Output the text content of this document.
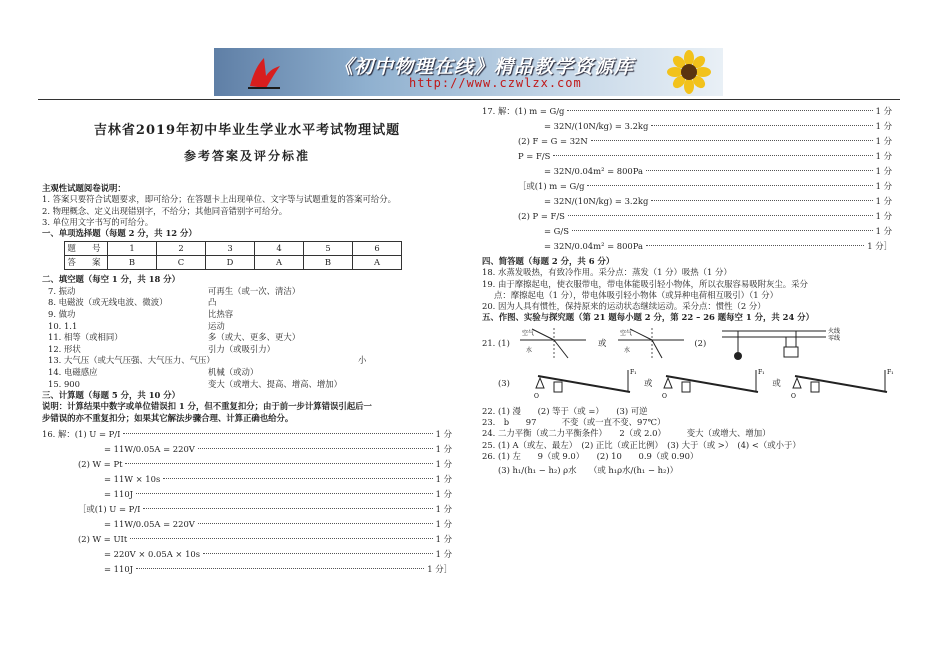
《初中物理在线》精品教学资源库
http://www.czwlzx.com
吉林省2019年初中毕业生学业水平考试物理试题
参考答案及评分标准
主观性试题阅卷说明：
1. 答案只要符合试题要求，即可给分；在答题卡上出现单位、文字等与试题重复的答案可给分。
2. 物理概念、定义出现错别字，不给分；其他同音错别字可给分。
3. 单位用文字书写的可给分。
一、单项选择题（每题 2 分，共 12 分）
题　号	1	2	3	4	5	6
答　案	B	C	D	A	B	A
二、填空题（每空 1 分，共 18 分）
7. 振动	可再生（或一次、清洁）
8. 电磁波（或无线电波、微波）	凸
9. 做功	比热容
10. 1.1	运动
11. 相等（或相同）	多（或大、更多、更大）
12. 形状	引力（或吸引力）
13. 大气压（或大气压强、大气压力、气压）	小
14. 电磁感应	机械（或动）
15. 900	变大（或增大、提高、增高、增加）
三、计算题（每题 5 分，共 10 分）
说明：计算结果中数字或单位错误扣 1 分，但不重复扣分；由于前一步计算错误引起后一
步错误的亦不重复扣分；如果其它解法步骤合理、计算正确也给分。
16. 解：(1) U = P/I	1 分
= 11W/0.05A = 220V	1 分
(2) W = Pt	1 分
= 11W × 10s	1 分
= 110J	1 分
［或(1) U = P/I	1 分
= 11W/0.05A = 220V	1 分
(2) W = UIt	1 分
= 220V × 0.05A × 10s	1 分
= 110J	1 分］
17. 解：(1) m = G/g	1 分
= 32N/(10N/kg) = 3.2kg	1 分
(2) F = G = 32N	1 分
P = F/S	1 分
= 32N/0.04m² = 800Pa	1 分
［或(1) m = G/g	1 分
= 32N/(10N/kg) = 3.2kg	1 分
(2) P = F/S	1 分
= G/S	1 分
= 32N/0.04m² = 800Pa	1 分］
四、简答题（每题 2 分，共 6 分）
18. 水蒸发吸热，有致冷作用。采分点：蒸发（1 分）吸热（1 分）
19. 由于摩擦起电，使衣服带电，带电体能吸引轻小物体，所以衣服容易吸附灰尘。采分
点：摩擦起电（1 分），带电体吸引轻小物体（或异种电荷相互吸引）（1 分）
20. 因为人具有惯性，保持原来的运动状态继续运动。采分点：惯性（2 分）
五、作图、实验与探究题（第 21 题每小题 2 分，第 22 – 26 题每空 1 分，共 24 分）
21. (1)
空气
水
或
空气
水
(2)
火线
零线
(3)
F₁
O
或
F₁
O
或
F₁
O
22. (1) 漫　　(2) 等于（或 =）　　(3) 可逆
23.　b　　97　　　不变（或一直不变、97℃）
24. 二力平衡（或二力平衡条件）　　2（或 2.0）　　　变大（或增大、增加）
25. (1) A（或左、最左）　(2) 正比（或正比例）　(3) 大于（或 >）　(4) <（或小于）
26. (1) 左　　9（或 9.0）　　(2) 10　　0.9（或 0.90）
(3) h₁/(h₁ − h₂) ρ水　　（或 h₁ρ水/(h₁ − h₂)）
